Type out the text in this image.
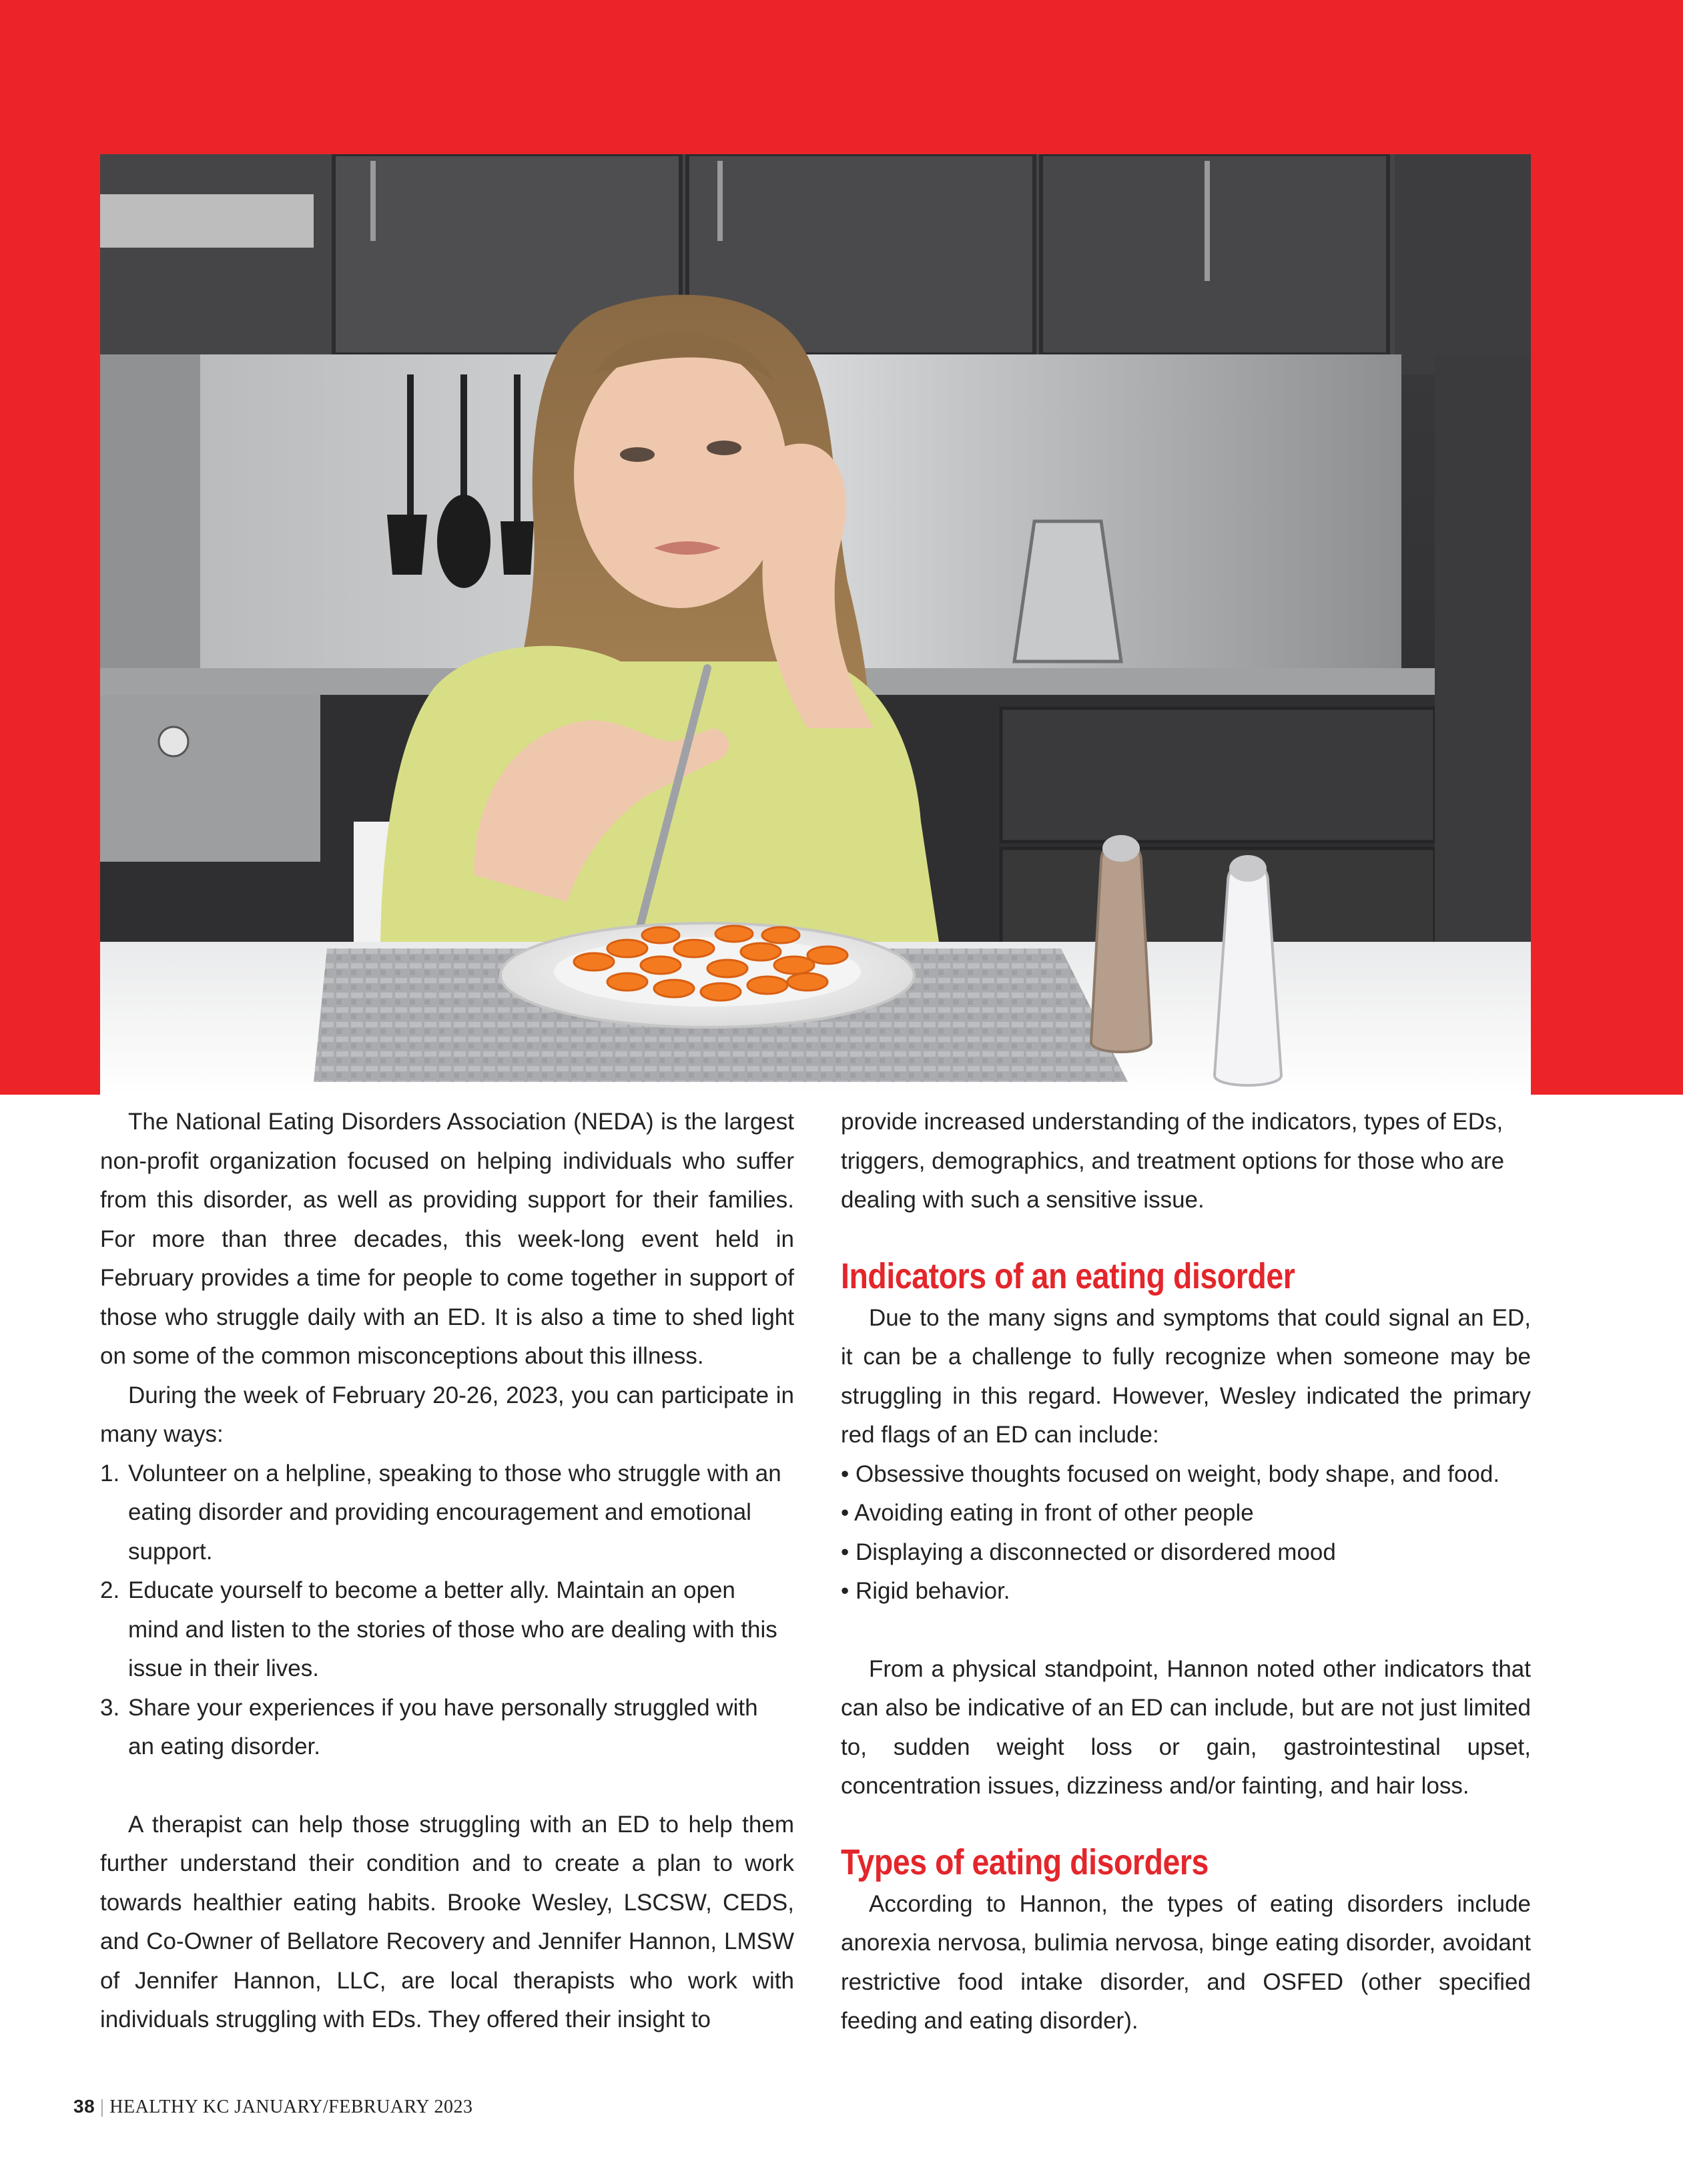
The National Eating Disorders Association (NEDA) is the largest non-profit organization focused on helping individuals who suffer from this disorder, as well as providing support for their families. For more than three decades, this week-long event held in February provides a time for people to come together in support of those who struggle daily with an ED. It is also a time to shed light on some of the common misconceptions about this illness.

During the week of February 20-26, 2023, you can participate in many ways:

1. Volunteer on a helpline, speaking to those who struggle with an eating disorder and providing encouragement and emotional support.
2. Educate yourself to become a better ally. Maintain an open mind and listen to the stories of those who are dealing with this issue in their lives.
3. Share your experiences if you have personally struggled with an eating disorder.

A therapist can help those struggling with an ED to help them further understand their condition and to create a plan to work towards healthier eating habits. Brooke Wesley, LSCSW, CEDS, and Co-Owner of Bellatore Recovery and Jennifer Hannon, LMSW of Jennifer Hannon, LLC, are local therapists who work with individuals struggling with EDs. They offered their insight to

provide increased understanding of the indicators, types of EDs, triggers, demographics, and treatment options for those who are dealing with such a sensitive issue.

Indicators of an eating disorder

Due to the many signs and symptoms that could signal an ED, it can be a challenge to fully recognize when someone may be struggling in this regard. However, Wesley indicated the primary red flags of an ED can include:

• Obsessive thoughts focused on weight, body shape, and food.
• Avoiding eating in front of other people
• Displaying a disconnected or disordered mood
• Rigid behavior.

From a physical standpoint, Hannon noted other indicators that can also be indicative of an ED can include, but are not just limited to, sudden weight loss or gain, gastrointestinal upset, concentration issues, dizziness and/or fainting, and hair loss.

Types of eating disorders

According to Hannon, the types of eating disorders include anorexia nervosa, bulimia nervosa, binge eating disorder, avoidant restrictive food intake disorder, and OSFED (other specified feeding and eating disorder).

38 | HEALTHY KC JANUARY/FEBRUARY 2023
